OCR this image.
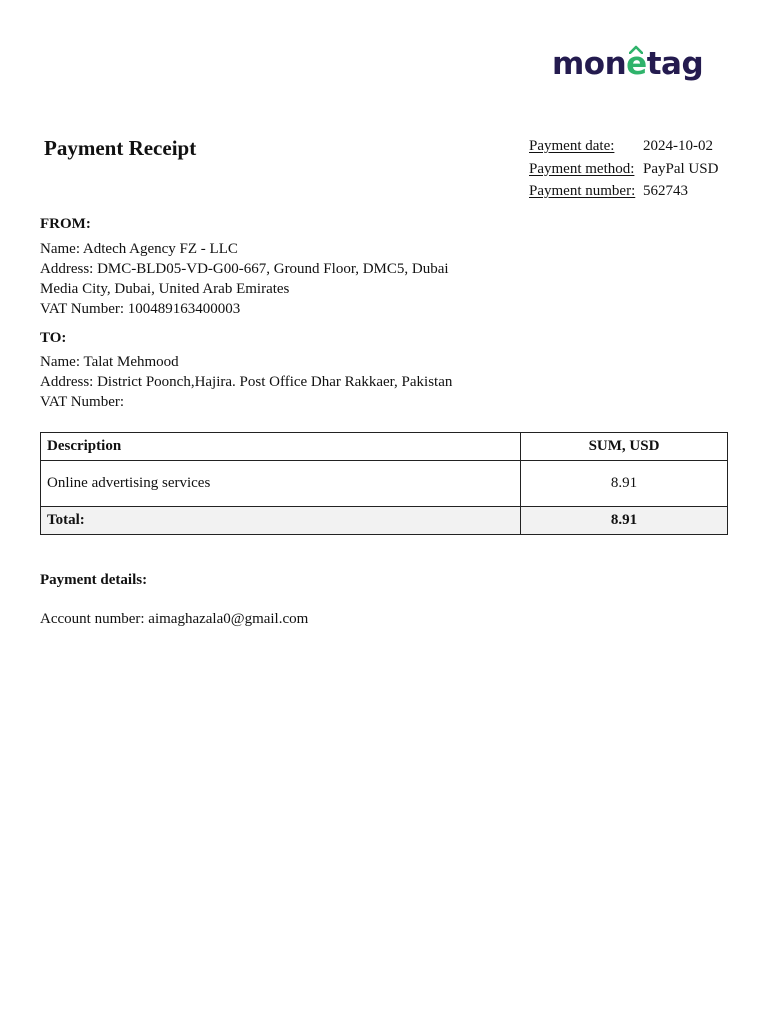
mon
etag
Payment Receipt	Payment date:	2024-10-02
Payment method: PayPal USD
Payment number: 562743
FROM:
Name: Adtech Agency FZ - LLC
Address: DMC-BLD05-VD-G00-667, Ground Floor, DMC5, Dubai
Media City, Dubai, United Arab Emirates
VAT Number: 100489163400003
TO:
Name: Talat Mehmood
Address: District Poonch,Hajira. Post Office Dhar Rakkaer, Pakistan
VAT Number:
Description	SUM, USD
Online advertising services	8.91
Total:	8.91
Payment details:
Account number: aimaghazala0@gmail.com
